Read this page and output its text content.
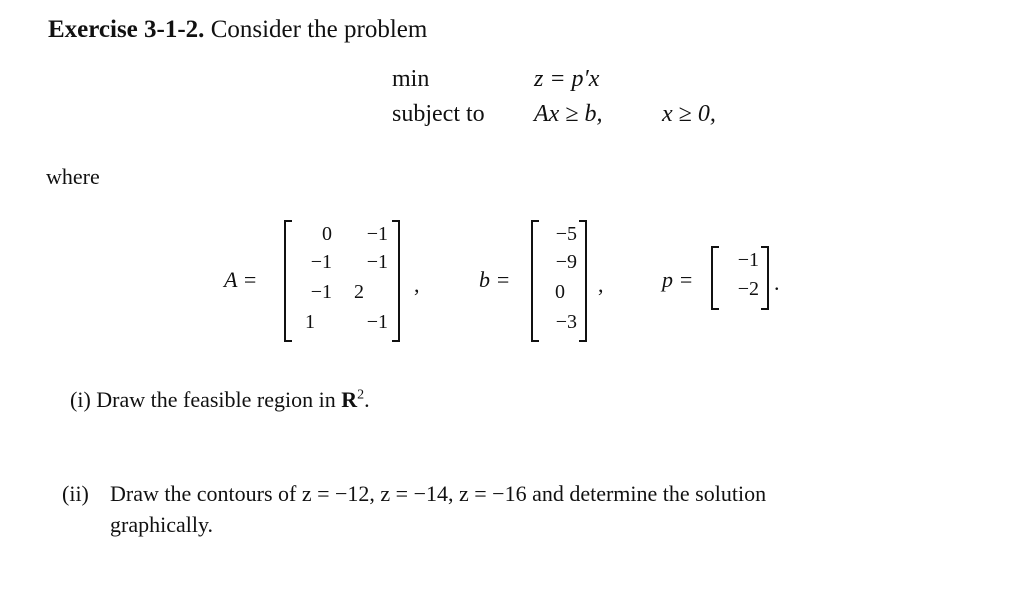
Exercise 3-1-2. Consider the problem
min	z = p′x
subject to Ax ≥ b, x ≥ 0,
where
A =
0	−1
−1	−1
−1	2
1	−1
,	b =
−5
−9
0
−3
,	p =
−1
−2 .
(i) Draw the feasible region in $R^2$.
(ii) Draw the contours of z = −12, z = −14, z = −16 and determine the solution
graphically.
